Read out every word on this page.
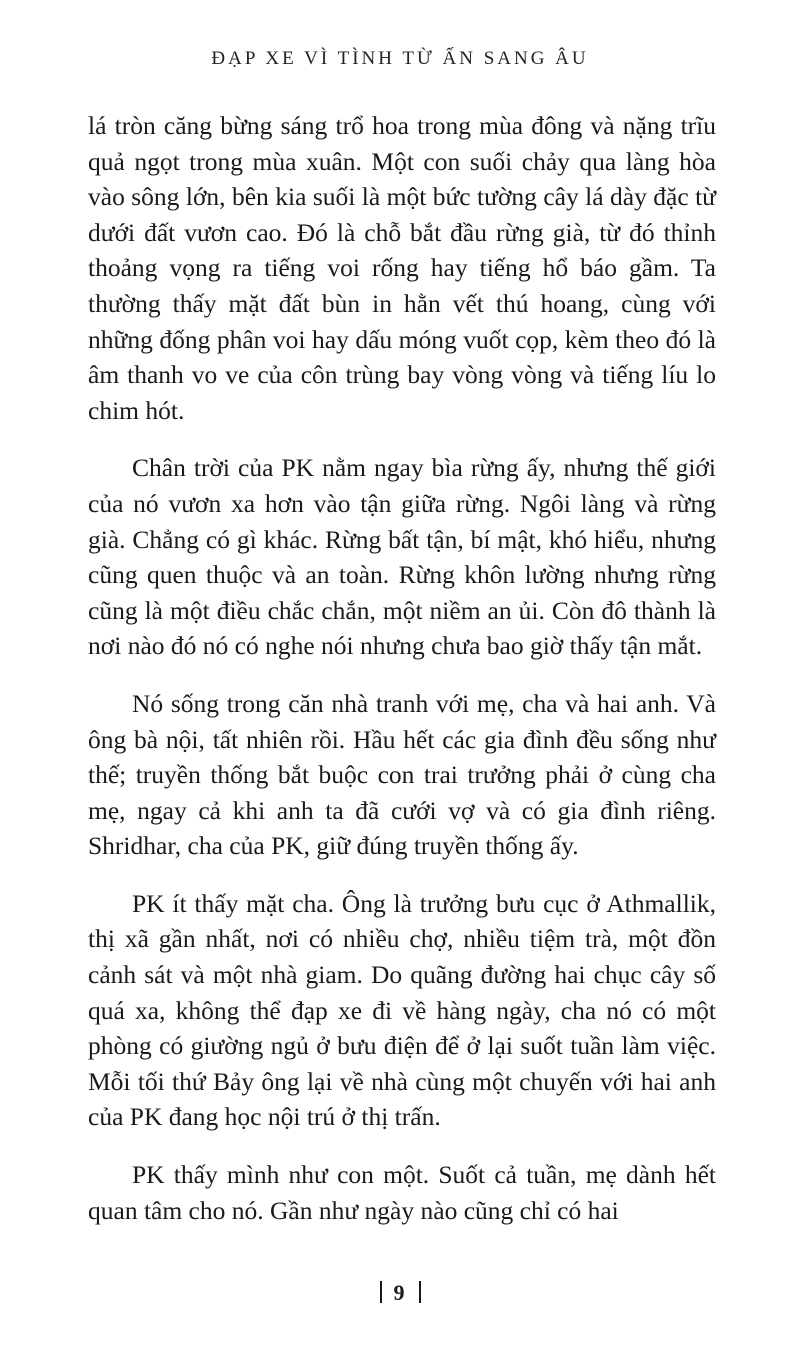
ĐẠP XE VÌ TÌNH TỪ ẤN SANG ÂU

lá tròn căng bừng sáng trổ hoa trong mùa đông và nặng trĩu quả ngọt trong mùa xuân. Một con suối chảy qua làng hòa vào sông lớn, bên kia suối là một bức tường cây lá dày đặc từ dưới đất vươn cao. Đó là chỗ bắt đầu rừng già, từ đó thỉnh thoảng vọng ra tiếng voi rống hay tiếng hổ báo gầm. Ta thường thấy mặt đất bùn in hằn vết thú hoang, cùng với những đống phân voi hay dấu móng vuốt cọp, kèm theo đó là âm thanh vo ve của côn trùng bay vòng vòng và tiếng líu lo chim hót.

Chân trời của PK nằm ngay bìa rừng ấy, nhưng thế giới của nó vươn xa hơn vào tận giữa rừng. Ngôi làng và rừng già. Chẳng có gì khác. Rừng bất tận, bí mật, khó hiểu, nhưng cũng quen thuộc và an toàn. Rừng khôn lường nhưng rừng cũng là một điều chắc chắn, một niềm an ủi. Còn đô thành là nơi nào đó nó có nghe nói nhưng chưa bao giờ thấy tận mắt.

Nó sống trong căn nhà tranh với mẹ, cha và hai anh. Và ông bà nội, tất nhiên rồi. Hầu hết các gia đình đều sống như thế; truyền thống bắt buộc con trai trưởng phải ở cùng cha mẹ, ngay cả khi anh ta đã cưới vợ và có gia đình riêng. Shridhar, cha của PK, giữ đúng truyền thống ấy.

PK ít thấy mặt cha. Ông là trưởng bưu cục ở Athmallik, thị xã gần nhất, nơi có nhiều chợ, nhiều tiệm trà, một đồn cảnh sát và một nhà giam. Do quãng đường hai chục cây số quá xa, không thể đạp xe đi về hàng ngày, cha nó có một phòng có giường ngủ ở bưu điện để ở lại suốt tuần làm việc. Mỗi tối thứ Bảy ông lại về nhà cùng một chuyến với hai anh của PK đang học nội trú ở thị trấn.

PK thấy mình như con một. Suốt cả tuần, mẹ dành hết quan tâm cho nó. Gần như ngày nào cũng chỉ có hai

9
